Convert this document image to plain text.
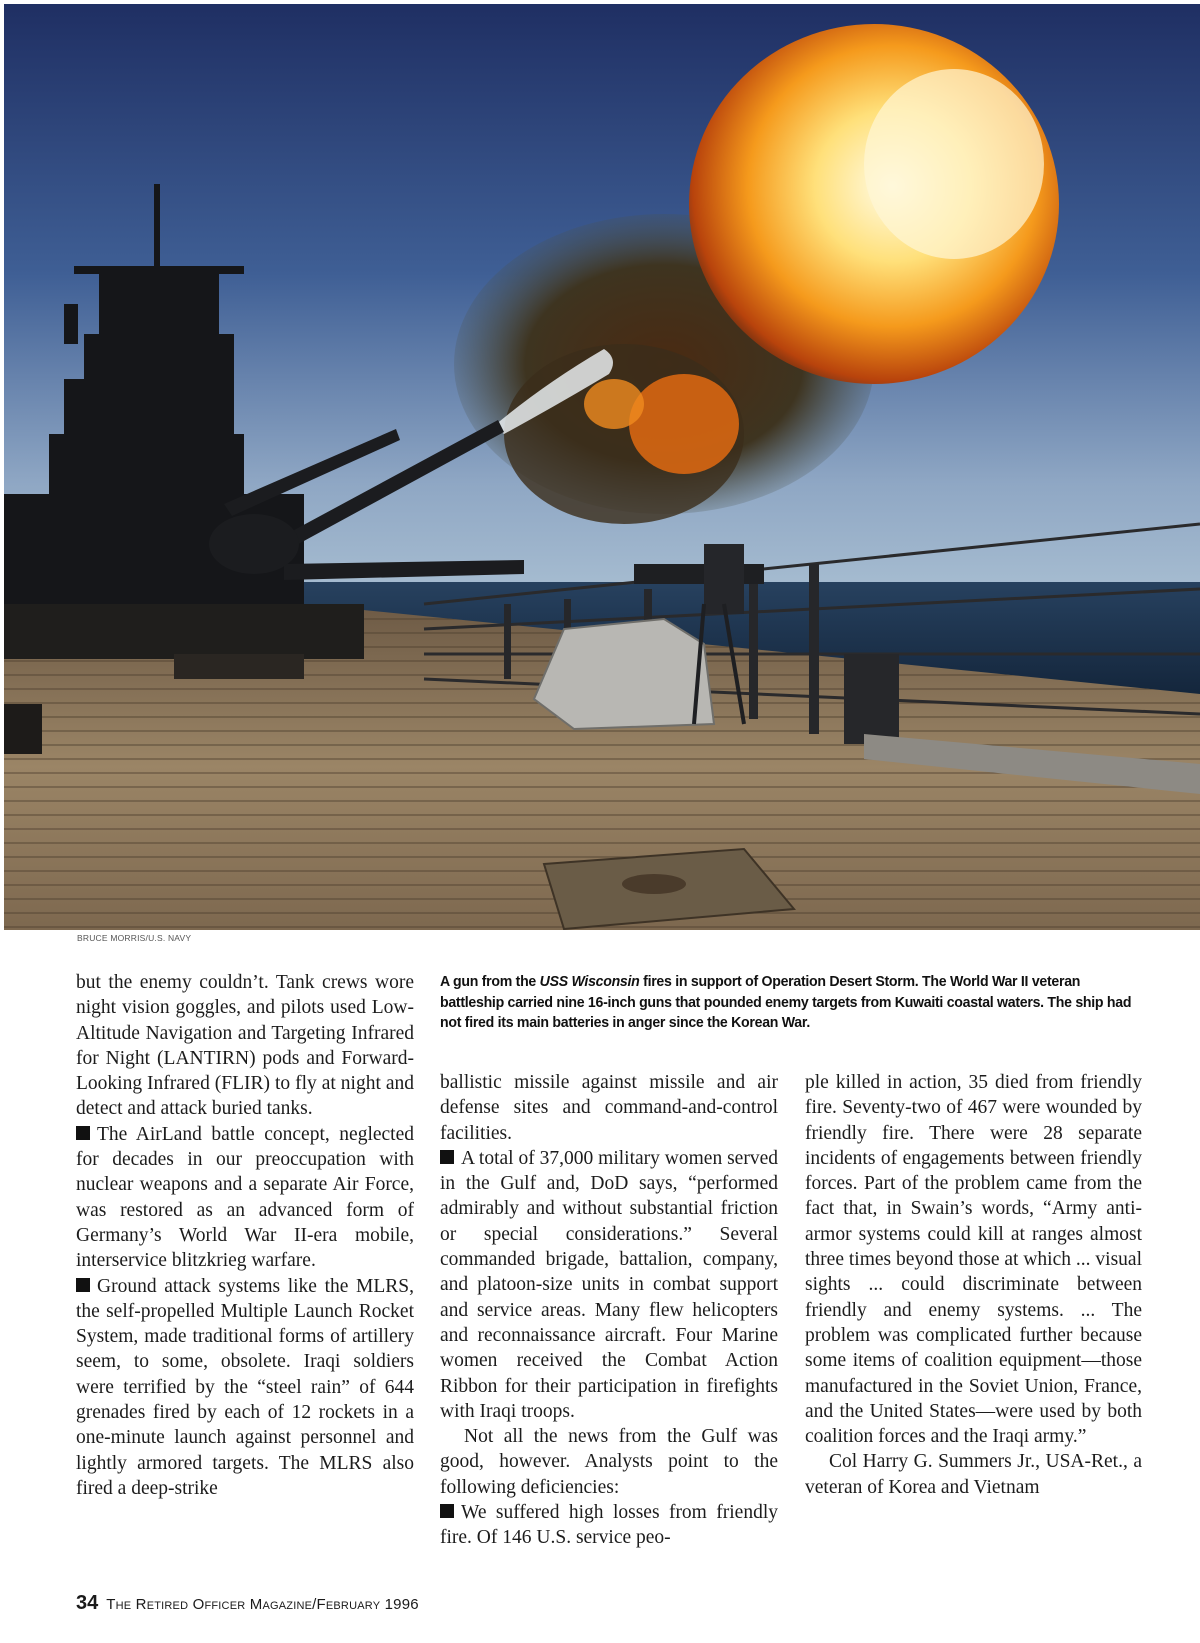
BRUCE MORRIS/U.S. NAVY
A gun from the USS Wisconsin fires in support of Operation Desert Storm. The World War II veteran battleship carried nine 16-inch guns that pounded enemy targets from Kuwaiti coastal waters. The ship had not fired its main batteries in anger since the Korean War.

but the enemy couldn’t. Tank crews wore night vision goggles, and pilots used Low-Altitude Navigation and Targeting Infrared for Night (LANTIRN) pods and Forward-Looking Infrared (FLIR) to fly at night and detect and attack buried tanks.

The AirLand battle concept, neglected for decades in our preoccupation with nuclear weapons and a separate Air Force, was restored as an advanced form of Germany’s World War II-era mobile, interservice blitzkrieg warfare.

Ground attack systems like the MLRS, the self-propelled Multiple Launch Rocket System, made traditional forms of artillery seem, to some, obsolete. Iraqi soldiers were terrified by the “steel rain” of 644 grenades fired by each of 12 rockets in a one-minute launch against personnel and lightly armored targets. The MLRS also fired a deep-strike

ballistic missile against missile and air defense sites and command-and-control facilities.

A total of 37,000 military women served in the Gulf and, DoD says, “performed admirably and without substantial friction or special considerations.” Several commanded brigade, battalion, company, and platoon-size units in combat support and service areas. Many flew helicopters and reconnaissance aircraft. Four Marine women received the Combat Action Ribbon for their participation in firefights with Iraqi troops.

Not all the news from the Gulf was good, however. Analysts point to the following deficiencies:

We suffered high losses from friendly fire. Of 146 U.S. service peo-

ple killed in action, 35 died from friendly fire. Seventy-two of 467 were wounded by friendly fire. There were 28 separate incidents of engagements between friendly forces. Part of the problem came from the fact that, in Swain’s words, “Army anti-armor systems could kill at ranges almost three times beyond those at which ... visual sights ... could discriminate between friendly and enemy systems. ... The problem was complicated further because some items of coalition equipment—those manufactured in the Soviet Union, France, and the United States—were used by both coalition forces and the Iraqi army.”

Col Harry G. Summers Jr., USA-Ret., a veteran of Korea and Vietnam

34 The Retired Officer Magazine/February 1996
